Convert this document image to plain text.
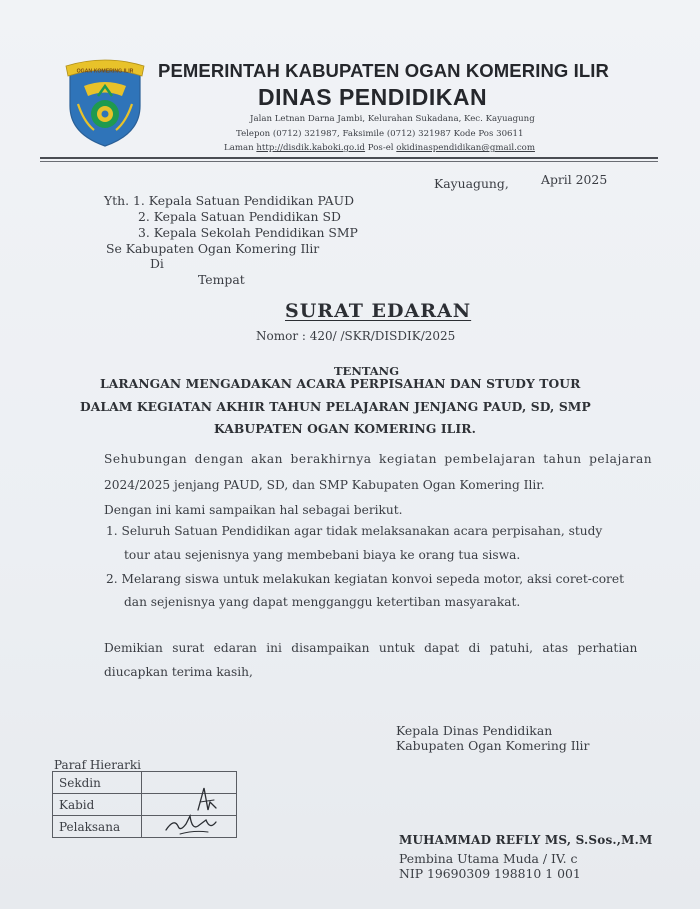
OGAN KOMERING ILIR PEMERINTAH KABUPATEN OGAN KOMERING ILIR
DINAS PENDIDIKAN
Jalan Letnan Darna Jambi, Kelurahan Sukadana, Kec. Kayuagung
Telepon (0712) 321987, Faksimile (0712) 321987 Kode Pos 30611
Laman http://disdik.kaboki.go.id Pos-el okidinaspendidikan@gmail.com
Kayuagung,	April 2025
Yth. 1. Kepala Satuan Pendidikan PAUD
2. Kepala Satuan Pendidikan SD
3. Kepala Sekolah Pendidikan SMP
Se Kabupaten Ogan Komering Ilir
Di
Tempat
SURAT EDARAN
Nomor : 420/ /SKR/DISDIK/2025
TENTANG
LARANGAN MENGADAKAN ACARA PERPISAHAN DAN STUDY TOUR
DALAM KEGIATAN AKHIR TAHUN PELAJARAN JENJANG PAUD, SD, SMP
KABUPATEN OGAN KOMERING ILIR.
Sehubungan dengan akan berakhirnya kegiatan pembelajaran tahun pelajaran
2024/2025 jenjang PAUD, SD, dan SMP Kabupaten Ogan Komering Ilir.
Dengan ini kami sampaikan hal sebagai berikut.
1. Seluruh Satuan Pendidikan agar tidak melaksanakan acara perpisahan, study
tour atau sejenisnya yang membebani biaya ke orang tua siswa.
2. Melarang siswa untuk melakukan kegiatan konvoi sepeda motor, aksi coret-coret
dan sejenisnya yang dapat mengganggu ketertiban masyarakat.
Demikian surat edaran ini disampaikan untuk dapat di patuhi, atas perhatian
diucapkan terima kasih,
Kepala Dinas Pendidikan
Kabupaten Ogan Komering Ilir
Paraf Hierarki
Sekdin	
Kabid	
Pelaksana	
MUHAMMAD REFLY MS, S.Sos.,M.M
Pembina Utama Muda / IV. c
NIP 19690309 198810 1 001
